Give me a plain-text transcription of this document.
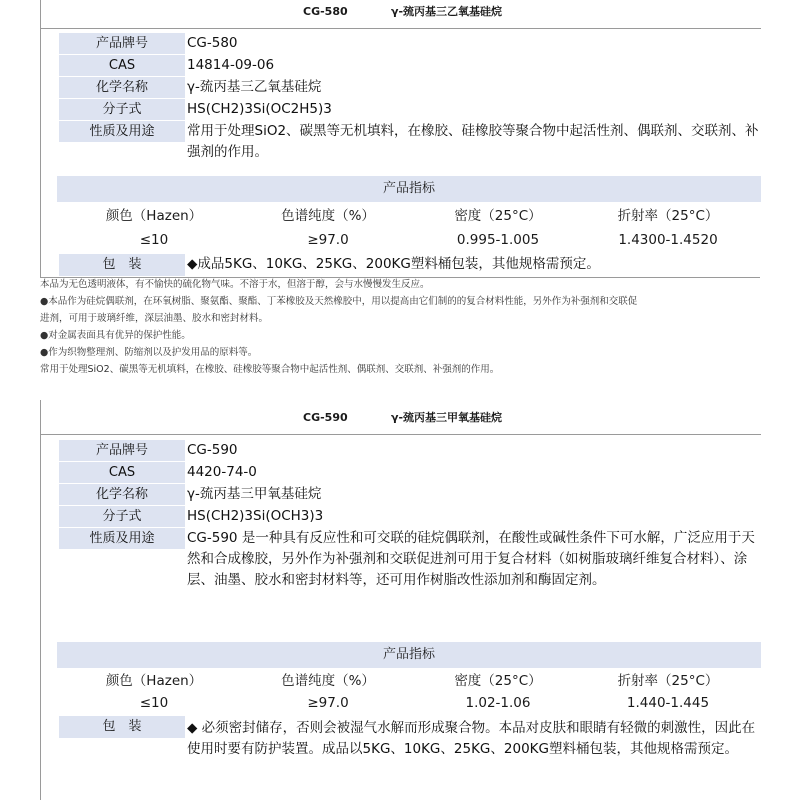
CG-580	γ-巯丙基三乙氧基硅烷
产品牌号	CG-580
CAS	14814-09-06
化学名称	γ-巯丙基三乙氧基硅烷
分子式	HS(CH2)3Si(OC2H5)3
性质及用途	常用于处理SiO2、碳黑等无机填料，在橡胶、硅橡胶等聚合物中起活性剂、偶联剂、交联剂、补强剂的作用。
产品指标
颜色（Hazen）	色谱纯度（%）	密度（25°C）	折射率（25°C）
≤10	≥97.0	0.995-1.005	1.4300-1.4520
包　装	◆成品5KG、10KG、25KG、200KG塑料桶包装，其他规格需预定。
本品为无色透明液体，有不愉快的硫化物气味。不溶于水，但溶于醇，会与水慢慢发生反应。
●本品作为硅烷偶联剂，在环氧树脂、聚氨酯、聚酯、丁苯橡胶及天然橡胶中，用以提高由它们制的的复合材料性能，另外作为补强剂和交联促
进剂，可用于玻璃纤维，深层油墨、胶水和密封材料。
●对金属表面具有优异的保护性能。
●作为织物整理剂、防缩剂以及护发用品的原料等。
常用于处理SiO2、碳黑等无机填料，在橡胶、硅橡胶等聚合物中起活性剂、偶联剂、交联剂、补强剂的作用。
CG-590	γ-巯丙基三甲氧基硅烷
产品牌号	CG-590
CAS	4420-74-0
化学名称	γ-巯丙基三甲氧基硅烷
分子式	HS(CH2)3Si(OCH3)3
性质及用途	CG-590 是一种具有反应性和可交联的硅烷偶联剂，在酸性或碱性条件下可水解，广泛应用于天然和合成橡胶，另外作为补强剂和交联促进剂可用于复合材料（如树脂玻璃纤维复合材料）、涂层、油墨、胶水和密封材料等，还可用作树脂改性添加剂和酶固定剂。
产品指标
颜色（Hazen）	色谱纯度（%）	密度（25°C）	折射率（25°C）
≤10	≥97.0	1.02-1.06	1.440-1.445
包　装	◆ 必须密封储存，否则会被湿气水解而形成聚合物。本品对皮肤和眼睛有轻微的刺激性，因此在使用时要有防护装置。成品以5KG、10KG、25KG、200KG塑料桶包装，其他规格需预定。
